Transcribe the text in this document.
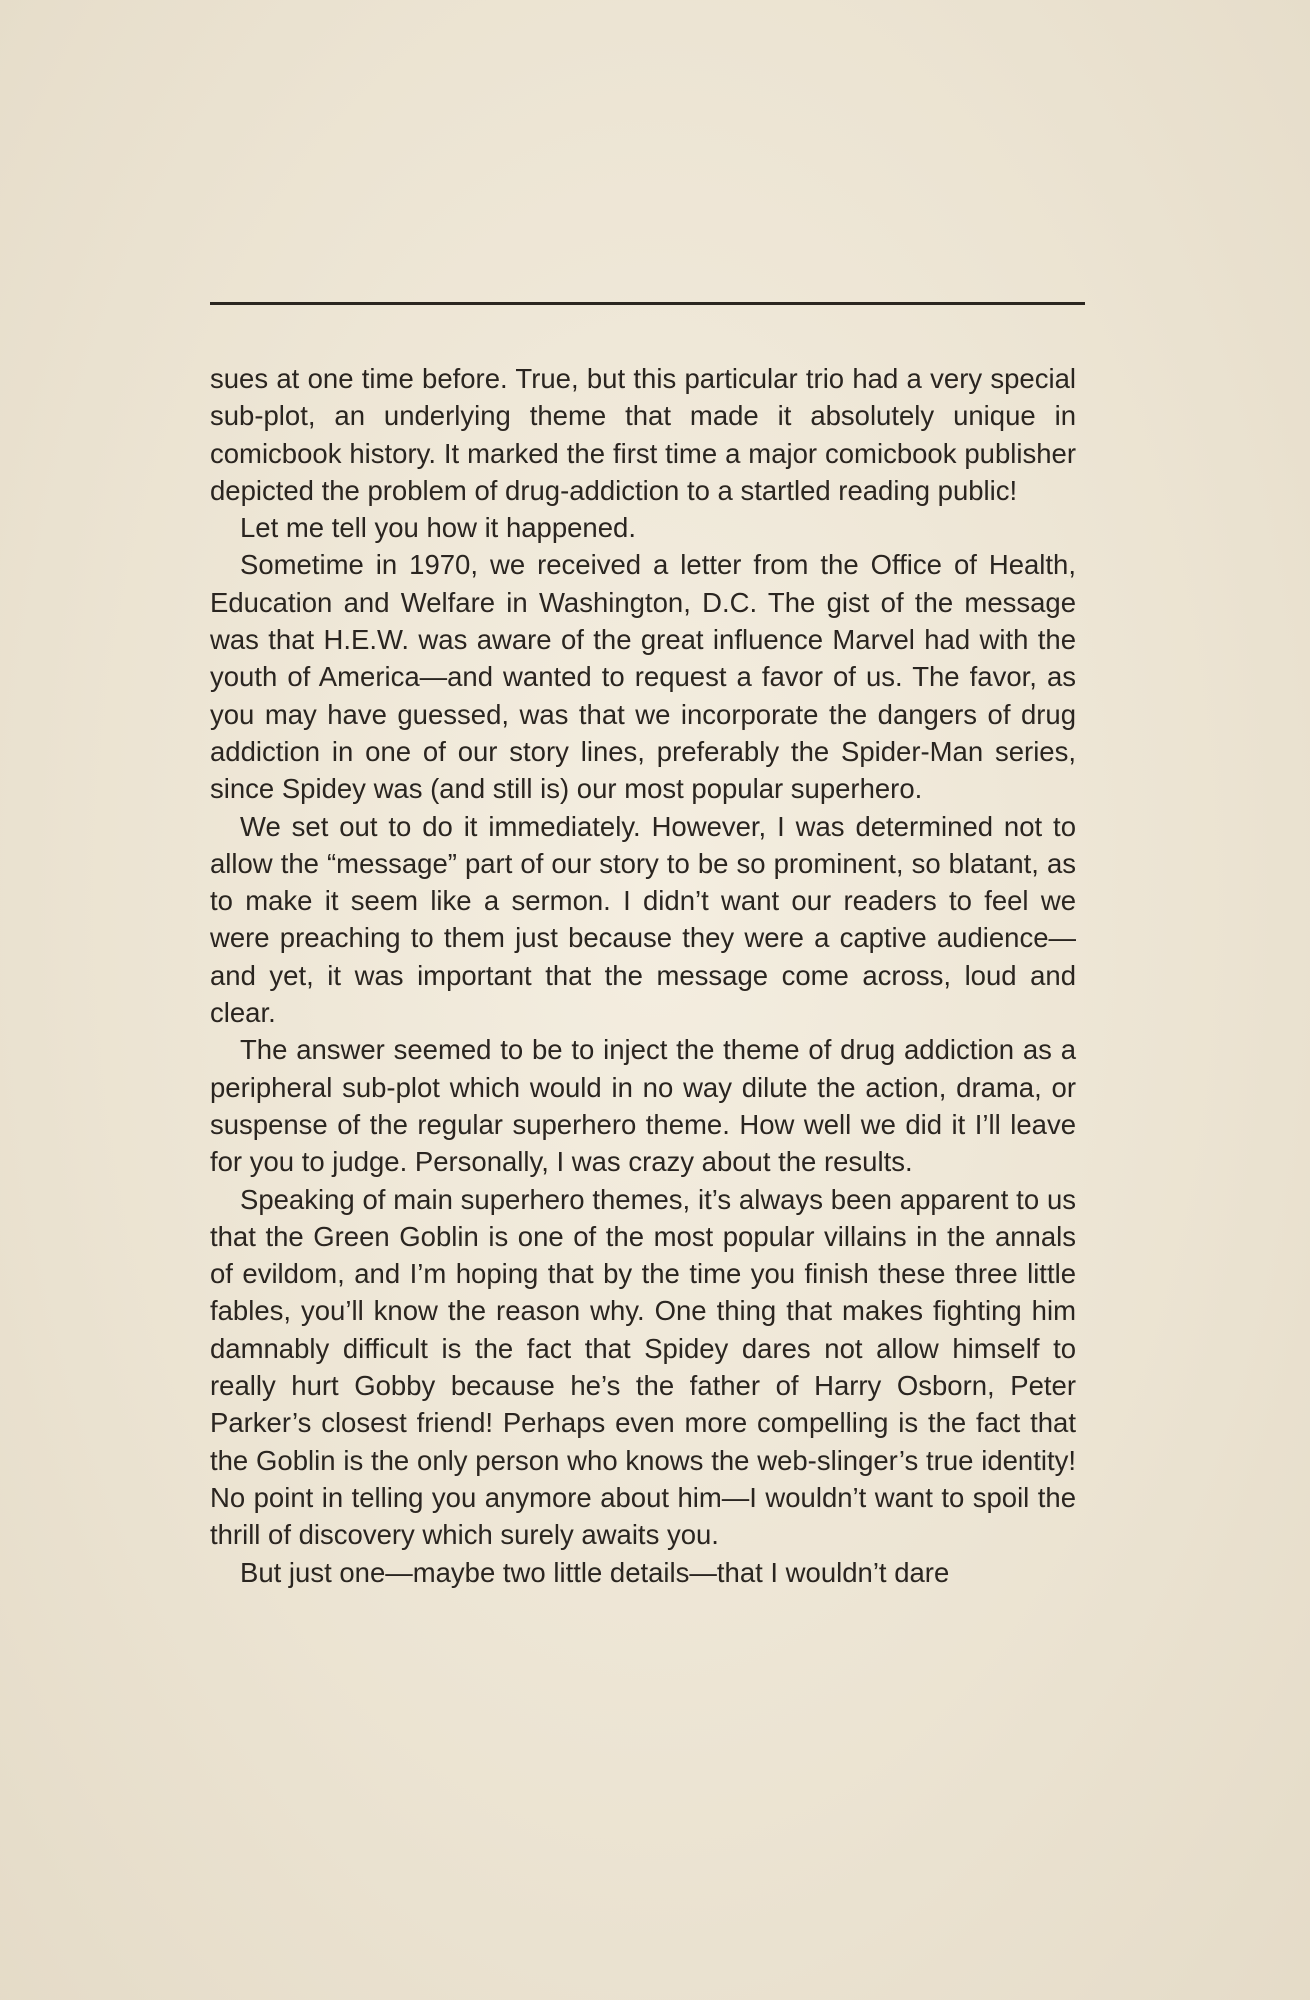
sues at one time before. True, but this particular trio had a very special sub-plot, an underlying theme that made it absolutely unique in comicbook history. It marked the first time a major comicbook publisher depicted the problem of drug-addiction to a startled reading public!

Let me tell you how it happened.

Sometime in 1970, we received a letter from the Office of Health, Education and Welfare in Washington, D.C. The gist of the message was that H.E.W. was aware of the great influence Marvel had with the youth of America—and wanted to request a favor of us. The favor, as you may have guessed, was that we incorporate the dangers of drug addiction in one of our story lines, preferably the Spider-Man series, since Spidey was (and still is) our most popular superhero.

We set out to do it immediately. However, I was determined not to allow the “message” part of our story to be so prominent, so blatant, as to make it seem like a sermon. I didn’t want our readers to feel we were preaching to them just because they were a captive audience—and yet, it was important that the message come across, loud and clear.

The answer seemed to be to inject the theme of drug addiction as a peripheral sub-plot which would in no way dilute the action, drama, or suspense of the regular superhero theme. How well we did it I’ll leave for you to judge. Personally, I was crazy about the results.

Speaking of main superhero themes, it’s always been apparent to us that the Green Goblin is one of the most popular villains in the annals of evildom, and I’m hoping that by the time you finish these three little fables, you’ll know the reason why. One thing that makes fighting him damnably difficult is the fact that Spidey dares not allow himself to really hurt Gobby because he’s the father of Harry Osborn, Peter Parker’s closest friend! Perhaps even more compelling is the fact that the Goblin is the only person who knows the web-slinger’s true identity! No point in telling you anymore about him—I wouldn’t want to spoil the thrill of discovery which surely awaits you.

But just one—maybe two little details—that I wouldn’t dare
